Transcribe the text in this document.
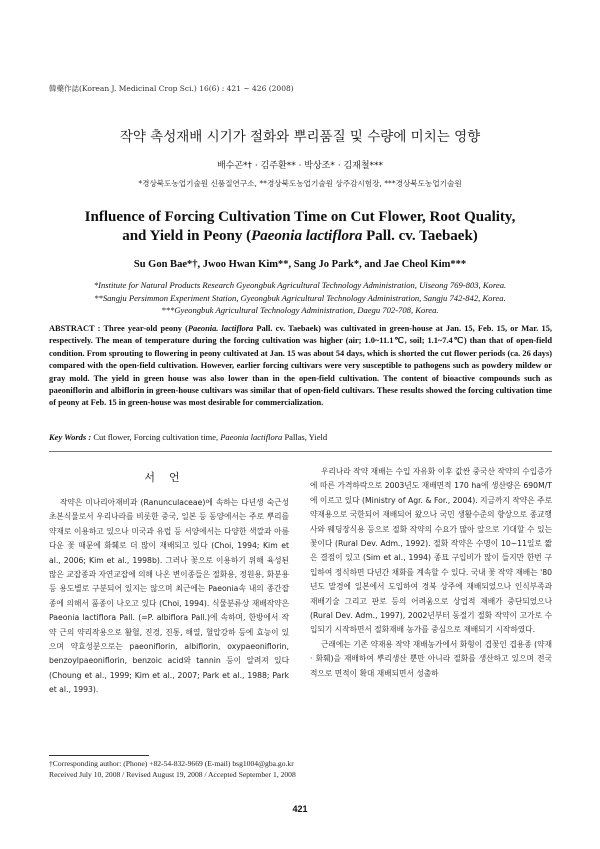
韓藥作誌(Korean J. Medicinal Crop Sci.) 16(6) : 421 ~ 426 (2008)
작약 촉성재배 시기가 절화와 뿌리품질 및 수량에 미치는 영향
배수곤*† · 김주환** · 박상조* · 김재철***
*경상북도농업기술원 신품질연구소, **경상북도농업기술원 상주감시험장, ***경상북도농업기술원
Influence of Forcing Cultivation Time on Cut Flower, Root Quality,
and Yield in Peony (Paeonia lactiflora Pall. cv. Taebaek)
Su Gon Bae*†, Jwoo Hwan Kim**, Sang Jo Park*, and Jae Cheol Kim***
*Institute for Natural Products Research Gyeongbuk Agricultural Technology Administration, Uiseong 769-803, Korea.
**Sangju Persimmon Experiment Station, Gyeongbuk Agricultural Technology Administration, Sangju 742-842, Korea.
***Gyeongbuk Agricultural Technology Administration, Daegu 702-708, Korea.
ABSTRACT : Three year-old peony (Paeonia. lactiflora Pall. cv. Taebaek) was cultivated in green-house at Jan. 15, Feb. 15, or Mar. 15, respectively. The mean of temperature during the forcing cultivation was higher (air; 1.0~11.1℃, soil; 1.1~7.4℃) than that of open-field condition. From sprouting to flowering in peony cultivated at Jan. 15 was about 54 days, which is shorted the cut flower periods (ca. 26 days) compared with the open-field cultivation. However, earlier forcing cultivars were very susceptible to pathogens such as powdery mildew or gray mold. The yield in green house was also lower than in the open-field cultivation. The content of bioactive compounds such as paeoniflorin and albiflorin in green-house cultivars was similar that of open-field cultivars. These results showed the forcing cultivation time of peony at Feb. 15 in green-house was most desirable for commercialization.
Key Words : Cut flower, Forcing cultivation time, Paeonia lactiflora Pallas, Yield
서언

작약은 미나리아재비과 (Ranunculaceae)에 속하는 다년생 숙근성 초본식물로서 우리나라를 비롯한 중국, 일본 등 동양에서는 주로 뿌리를 약재로 이용하고 있으나 미국과 유럽 등 서양에서는 다양한 색깔과 아름다운 꽃 때문에 화훼로 더 많이 재배되고 있다 (Choi, 1994; Kim et al., 2006; Kim et al., 1998b). 그러나 꽃으로 이용하기 위해 육성된 많은 교잡종과 자연교잡에 의해 나온 변이종들은 절화용, 정원용, 화분용 등 용도별로 구분되어 있지는 않으며 최근에는 Paeonia속 내의 종간잡종에 의해서 품종이 나오고 있다 (Choi, 1994). 식물분류상 재배작약은 Paeonia lactiflora Pall. (=P. albiflora Pall.)에 속하며, 한방에서 작약 근의 약리작용으로 활혈, 진경, 진통, 해열, 혈압강하 등에 효능이 있으며 약효성분으로는 paeoniflorin, albiflorin, oxypaeoniflorin, benzoylpaeoniflorin, benzoic acid와 tannin 등이 알려져 있다 (Choung et al., 1999; Kim et al., 2007; Park et al., 1988; Park et al., 1993).

우리나라 작약 재배는 수입 자유화 이후 값싼 중국산 작약의 수입증가에 따른 가격하락으로 2003년도 재배면적 170 ha에 생산량은 690M/T에 이르고 있다 (Ministry of Agr. & For., 2004). 지금까지 작약은 주로 약재용으로 국한되어 재배되어 왔으나 국민 생활수준의 향상으로 종교행사와 웨딩장식용 등으로 절화 작약의 수요가 많아 앞으로 기대할 수 있는 꽃이다 (Rural Dev. Adm., 1992). 절화 작약은 수명이 10~11일로 짧은 결점이 있고 (Sim et al., 1994) 종묘 구입비가 많이 들지만 한번 구입하여 정식하면 다년간 채화를 계속할 수 있다. 국내 꽃 작약 재배는 '80년도 말경에 일본에서 도입하여 경북 상주에 재배되었으나 인식부족과 재배기술 그리고 판로 등의 어려움으로 상업적 재배가 중단되었으나 (Rural Dev. Adm., 1997), 2002년부터 동절기 절화 작약이 고가로 수입되기 시작하면서 절화재배 농가를 중심으로 재배되기 시작하였다.

근래에는 기존 약재용 작약 재배농가에서 화형이 겹꽃인 겹용종 (약재 · 화훼)을 재배하여 뿌리생산 뿐만 아니라 절화를 생산하고 있으며 전국적으로 면적이 확대 재배되면서 성출하

†Corresponding author: (Phone) +82-54-832-9669 (E-mail) bsg1004@gba.go.kr
Received July 10, 2008 / Revised August 19, 2008 / Accepted September 1, 2008
421
